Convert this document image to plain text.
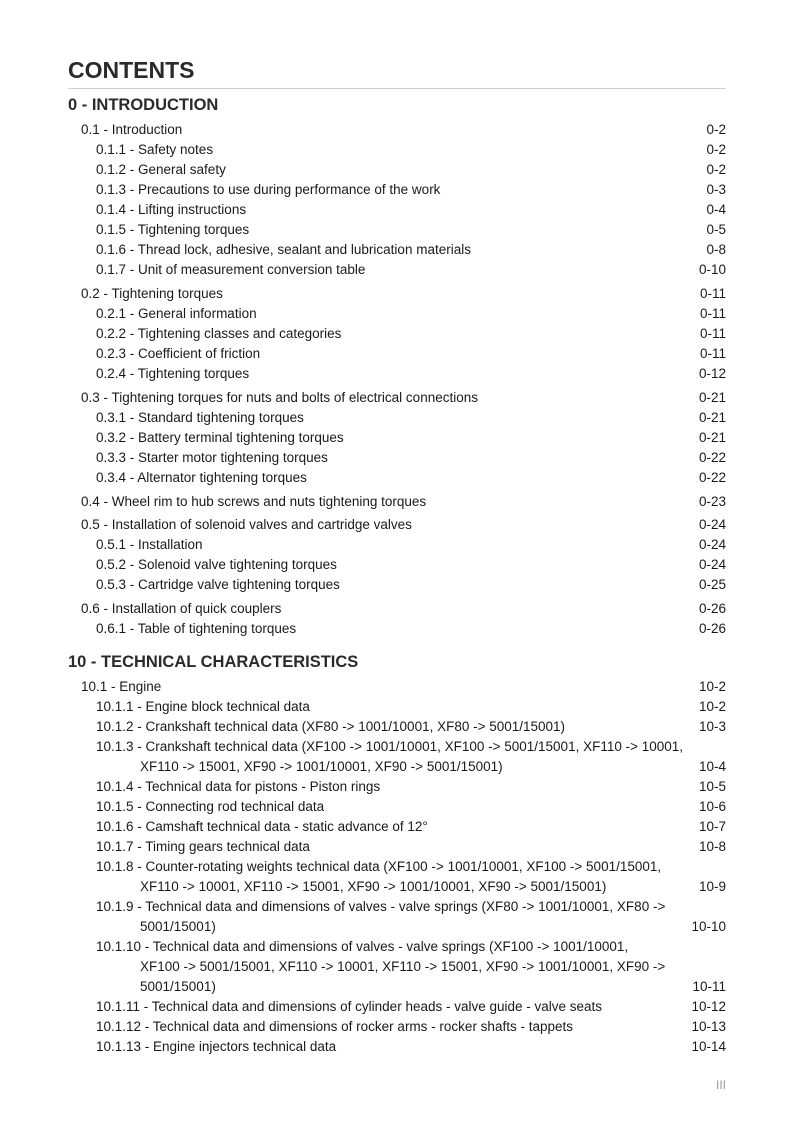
CONTENTS
0 - INTRODUCTION
0.1 - Introduction	0-2
0.1.1 - Safety notes	0-2
0.1.2 - General safety	0-2
0.1.3 - Precautions to use during performance of the work	0-3
0.1.4 - Lifting instructions	0-4
0.1.5 - Tightening torques	0-5
0.1.6 - Thread lock, adhesive, sealant and lubrication materials	0-8
0.1.7 - Unit of measurement conversion table	0-10
0.2 - Tightening torques	0-11
0.2.1 - General information	0-11
0.2.2 - Tightening classes and categories	0-11
0.2.3 - Coefficient of friction	0-11
0.2.4 - Tightening torques	0-12
0.3 - Tightening torques for nuts and bolts of electrical connections	0-21
0.3.1 - Standard tightening torques	0-21
0.3.2 - Battery terminal tightening torques	0-21
0.3.3 - Starter motor tightening torques	0-22
0.3.4 - Alternator tightening torques	0-22
0.4 - Wheel rim to hub screws and nuts tightening torques	0-23
0.5 - Installation of solenoid valves and cartridge valves	0-24
0.5.1 - Installation	0-24
0.5.2 - Solenoid valve tightening torques	0-24
0.5.3 - Cartridge valve tightening torques	0-25
0.6 - Installation of quick couplers	0-26
0.6.1 - Table of tightening torques	0-26
10 - TECHNICAL CHARACTERISTICS
10.1 - Engine	10-2
10.1.1 - Engine block technical data	10-2
10.1.2 - Crankshaft technical data (XF80 -> 1001/10001, XF80 -> 5001/15001)	10-3
10.1.3 - Crankshaft technical data (XF100 -> 1001/10001, XF100 -> 5001/15001, XF110 -> 10001,
XF110 -> 15001, XF90 -> 1001/10001, XF90 -> 5001/15001)	10-4
10.1.4 - Technical data for pistons - Piston rings	10-5
10.1.5 - Connecting rod technical data	10-6
10.1.6 - Camshaft technical data - static advance of 12°	10-7
10.1.7 - Timing gears technical data	10-8
10.1.8 - Counter-rotating weights technical data (XF100 -> 1001/10001, XF100 -> 5001/15001,
XF110 -> 10001, XF110 -> 15001, XF90 -> 1001/10001, XF90 -> 5001/15001)	10-9
10.1.9 - Technical data and dimensions of valves - valve springs (XF80 -> 1001/10001, XF80 ->
5001/15001)	10-10
10.1.10 - Technical data and dimensions of valves - valve springs (XF100 -> 1001/10001,
XF100 -> 5001/15001, XF110 -> 10001, XF110 -> 15001, XF90 -> 1001/10001, XF90 ->
5001/15001)	10-11
10.1.11 - Technical data and dimensions of cylinder heads - valve guide - valve seats	10-12
10.1.12 - Technical data and dimensions of rocker arms - rocker shafts - tappets	10-13
10.1.13 - Engine injectors technical data	10-14
III
